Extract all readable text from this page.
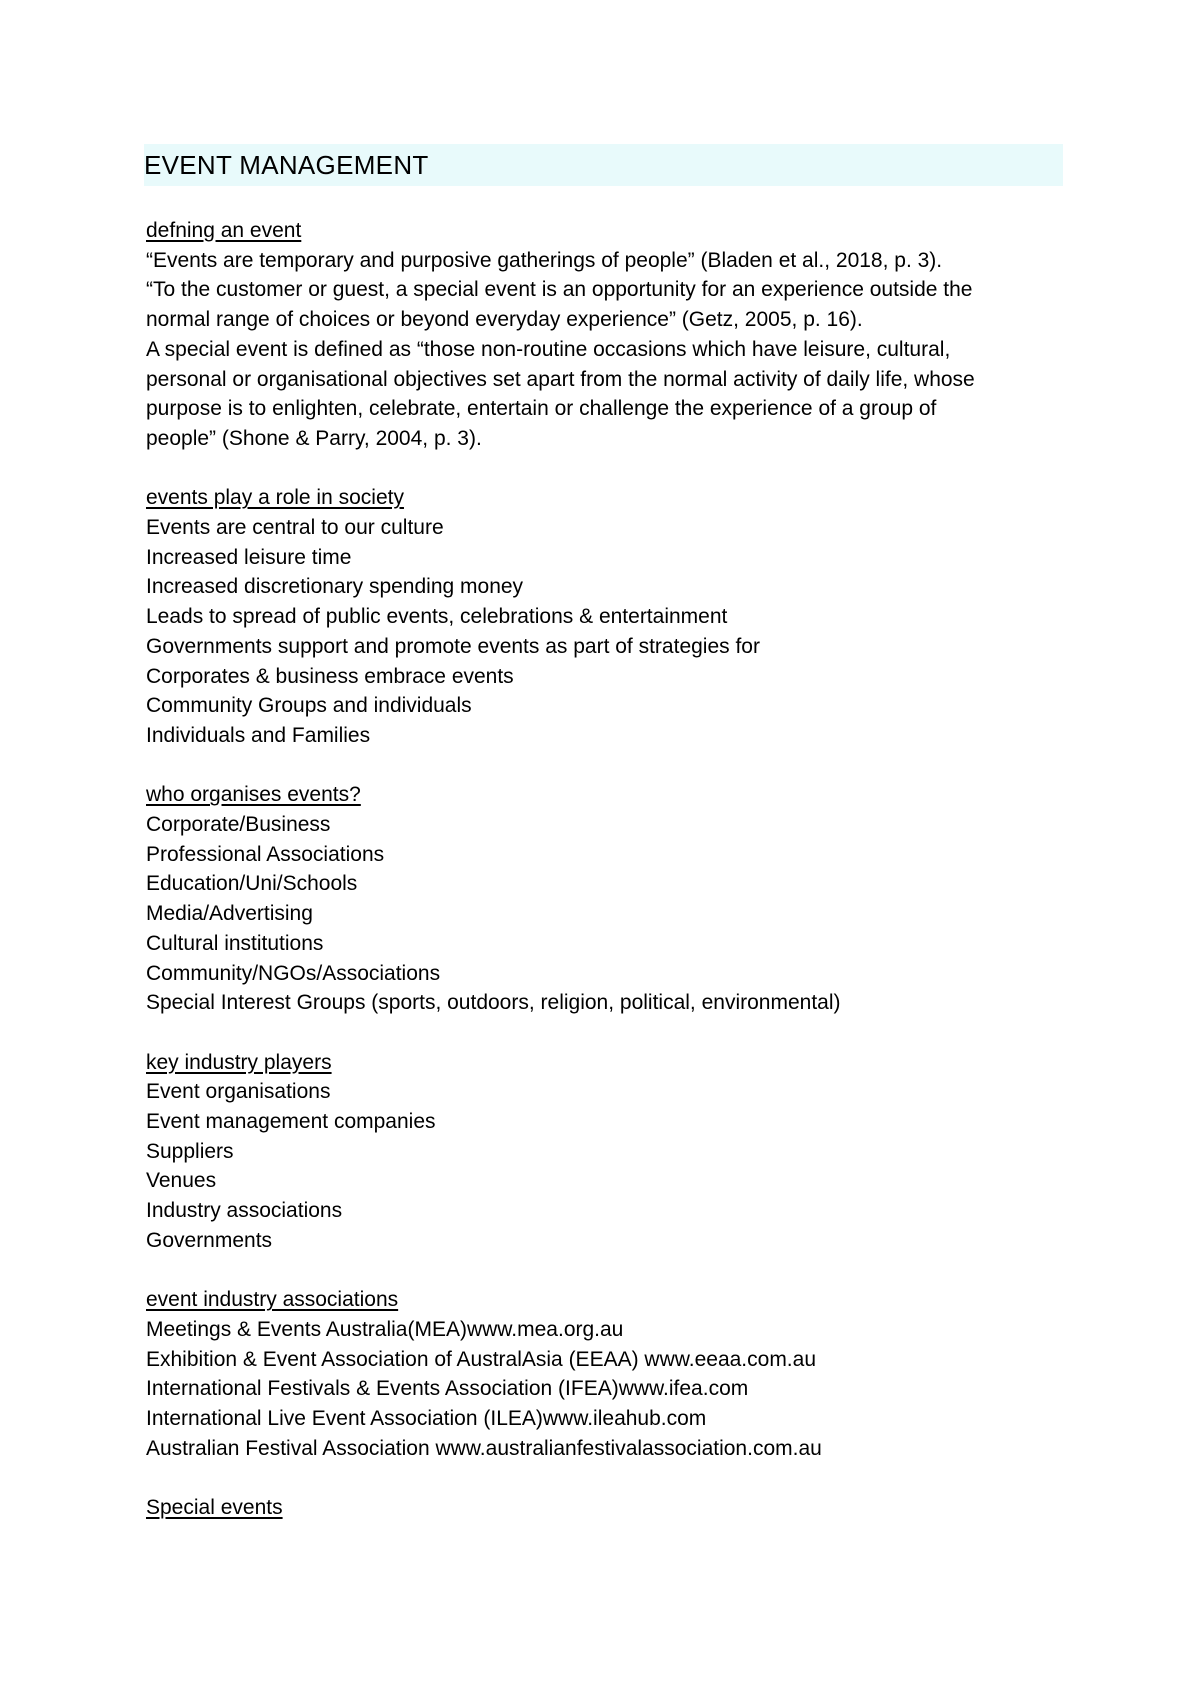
EVENT MANAGEMENT
defning an event
“Events are temporary and purposive gatherings of people” (Bladen et al., 2018, p. 3).
“To the customer or guest, a special event is an opportunity for an experience outside the
normal range of choices or beyond everyday experience” (Getz, 2005, p. 16).
A special event is defined as “those non-routine occasions which have leisure, cultural,
personal or organisational objectives set apart from the normal activity of daily life, whose
purpose is to enlighten, celebrate, entertain or challenge the experience of a group of
people” (Shone & Parry, 2004, p. 3).
events play a role in society
Events are central to our culture
Increased leisure time
Increased discretionary spending money
Leads to spread of public events, celebrations & entertainment
Governments support and promote events as part of strategies for
Corporates & business embrace events
Community Groups and individuals
Individuals and Families
who organises events?
Corporate/Business
Professional Associations
Education/Uni/Schools
Media/Advertising
Cultural institutions
Community/NGOs/Associations
Special Interest Groups (sports, outdoors, religion, political, environmental)
key industry players
Event organisations
Event management companies
Suppliers
Venues
Industry associations
Governments
event industry associations
Meetings & Events Australia(MEA)www.mea.org.au
Exhibition & Event Association of AustralAsia (EEAA) www.eeaa.com.au
International Festivals & Events Association (IFEA)www.ifea.com
International Live Event Association (ILEA)www.ileahub.com
Australian Festival Association www.australianfestivalassociation.com.au
Special events
